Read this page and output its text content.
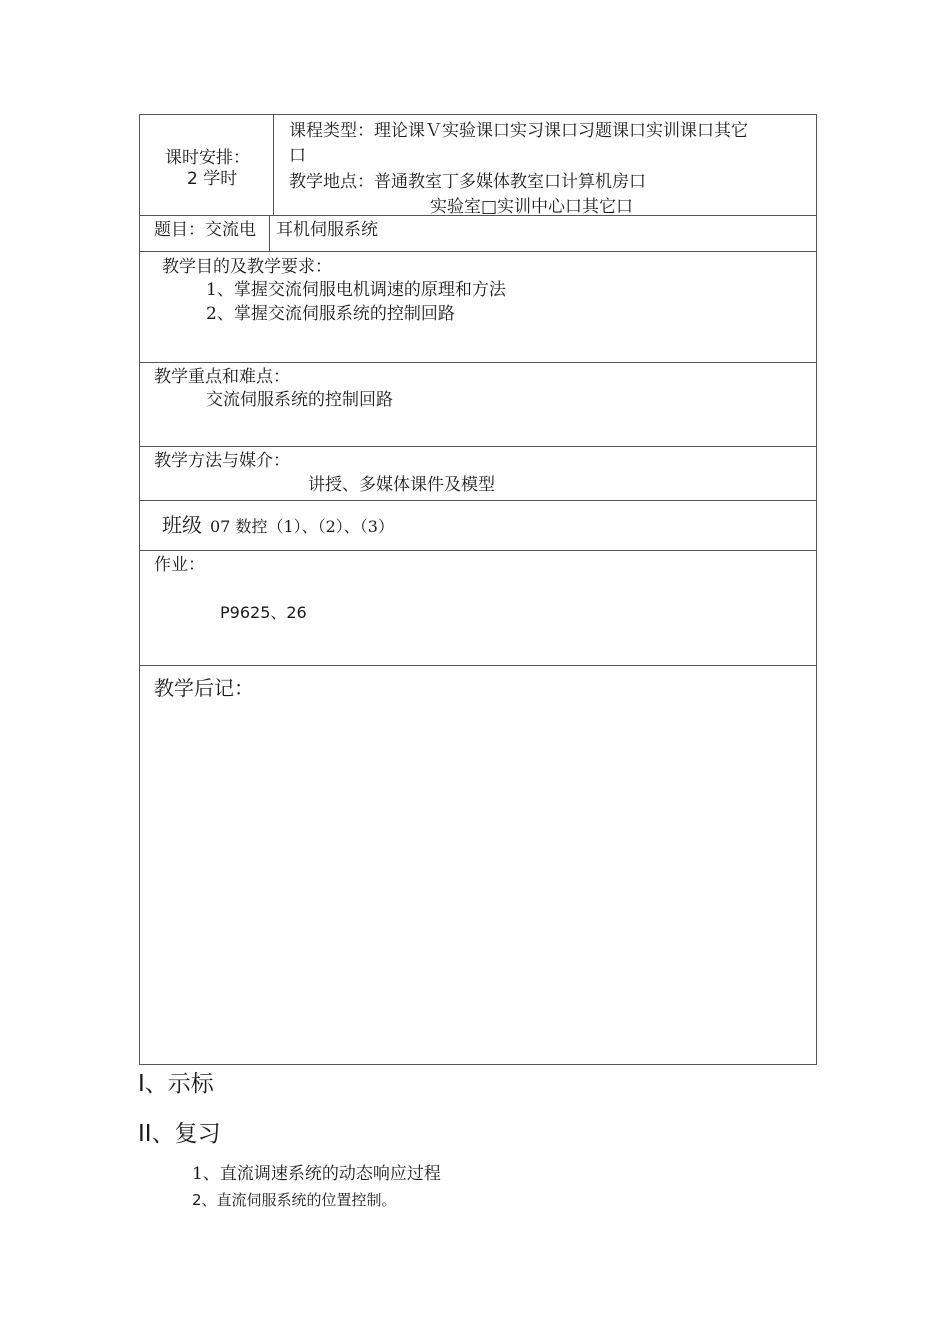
课时安排：
2 学时
课程类型：理论课Ｖ实验课口实习课口习题课口实训课口其它
口
教学地点：普通教室丁多媒体教室口计算机房口
实验室□实训中心口其它口
题目：交流电 耳机伺服系统
教学目的及教学要求：
1、掌握交流伺服电机调速的原理和方法
2、掌握交流伺服系统的控制回路
教学重点和难点：
交流伺服系统的控制回路
教学方法与媒介：
讲授、多媒体课件及模型
班级 07 数控（1）、（2）、（3）
作业：
P9625、26
教学后记：
I、示标
II、复习
1、直流调速系统的动态响应过程
2、直流伺服系统的位置控制。
